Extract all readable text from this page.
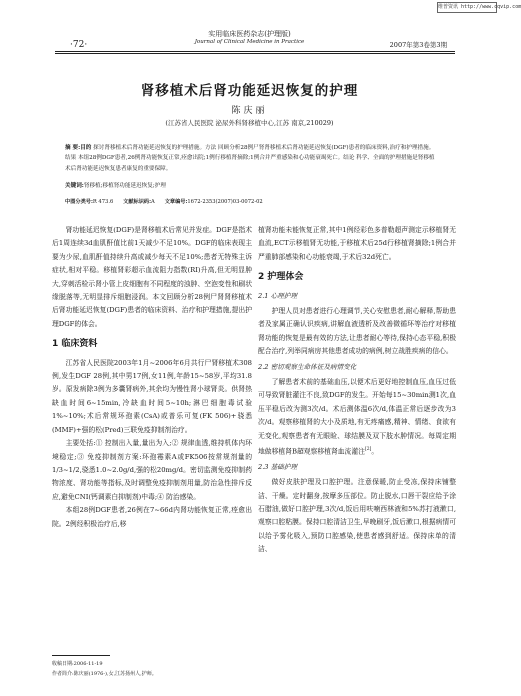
维普资讯 http://www.cqvip.com
·72·
实用临床医药杂志(护理版)
Journal of Clinical Medicine in Practice	2007年第3卷第3期
肾移植术后肾功能延迟恢复的护理
陈庆丽
(江苏省人民医院 泌尿外科肾移植中心,江苏 南京,210029)
摘 要:目的 探讨肾移植术后肾功能延迟恢复的护理措施。方法 回顾分析28例尸肾肾移植术后肾功能延迟恢复(DGF)患者的临床资料,治疗和护理措施。结果 本组28例DGF患者,26例肾功能恢复正常,痊愈出院;1例行移植肾摘除;1例合并严重感染和心功能衰竭死亡。结论 科学、全面的护理措施是肾移植术后肾功能延迟恢复患者康复的重要保障。
关键词:肾移植;移植肾功能延迟恢复;护理
中图分类号:R 473.6 文献标识码:A 文章编号:1672-2353(2007)03-0072-02

肾功能延迟恢复(DGF)是肾移植术后常见并发症。DGF是指术后1周连续3d血肌酐值比前1天减少不足10%。DGF的临床表现主要为少尿,血肌酐值持续升高或减少每天不足10%;患者无特殊主诉症状,相对平稳。移植肾彩超示血流阻力指数(RI)升高,但无明显肿大,穿刺活检示肾小管上皮细胞有不同程度的浊肿、空泡变性和刷状缘脱落等,无明显排斥细胞浸润。本文回顾分析28例尸肾肾移植术后肾功能延迟恢复(DGF)患者的临床资料、治疗和护理措施,提出护理DGF的体会。

1 临床资料

江苏省人民医院2003年1月~2006年6月共行尸肾移植术308例,发生DGF 28例,其中男17例,女11例,年龄15~58岁,平均31.8岁。原发病除3例为多囊肾病外,其余均为慢性肾小球肾炎。供肾热缺血时间6~15min,冷缺血时间5~10h;淋巴细胞毒试验1%~10%;术后常规环孢素(CsA)或普乐可复(FK 506)+骁悉(MMF)+强的松(Pred)三联免疫抑制剂治疗。

主要处括:① 控制出入量,量出为入;② 规律血透,维持机体内环境稳定;③ 免疫抑制剂方案:环孢霉素A或FK506按常规剂量的1/3~1/2,骁悉1.0~2.0g/d,强的松20mg/d。密切监测免疫抑制药物浓度、肾功能等指标,及时调整免疫抑制剂用量,防治急性排斥反应,避免CNI(钙调素白抑制剂)中毒;④ 防治感染。

本组28例DGF患者,26例在7~66d内肾功能恢复正常,痊愈出院。2例经积极治疗后,移

植肾功能未能恢复正常,其中1例经彩色多普勒超声测定示移植肾无血流,ECT示移植肾无功能,于移植术后25d行移植肾摘除;1例合并严重肺部感染和心功能衰竭,于术后32d死亡。

2 护理体会
2.1 心理护理

护理人员对患者进行心理调节,关心安慰患者,耐心解释,帮助患者及家属正确认识疾病,讲解血液透析及改善微循环等治疗对移植肾功能的恢复是最有效的方法,让患者耐心等待,保持心态平稳,积极配合治疗,列举同病房其他患者成功的病例,树立战胜疾病的信心。

2.2 密切观察生命体征及病情变化

了解患者术前的基础血压,以便术后更好地控制血压,血压过低可导致肾脏灌注不良,致DGF的发生。开始每15~30min测1次,血压平稳后改为测3次/d。术后测体温6次/d,体温正常后逐步改为3次/d。观察移植肾的大小及质地,有无疼痛感,精神、情绪、食欲有无变化,观察患者有无眼睑、球结膜及双下肢水肿情况。每周定期地做移植肾B超观察移植肾血流灌注[2]。

2.3 基础护理

做好皮肤护理及口腔护理。注意保暖,防止受冻,保持床铺整洁、干燥。定时翻身,按摩多压部位。防止脱水,口唇干裂应给予涂石腊油,做好口腔护理,3次/d,饭后用呋喃西林液和5%苏打液漱口,观察口腔粘膜。保持口腔清洁卫生,早晚刷牙,饭后漱口,根据病情可以给予雾化吸入,预防口腔感染,使患者感到舒适。保持床单的清洁、

收稿日期:2006-11-19
作者简介:陈庆丽(1976-),女,江苏扬州人,护师。
